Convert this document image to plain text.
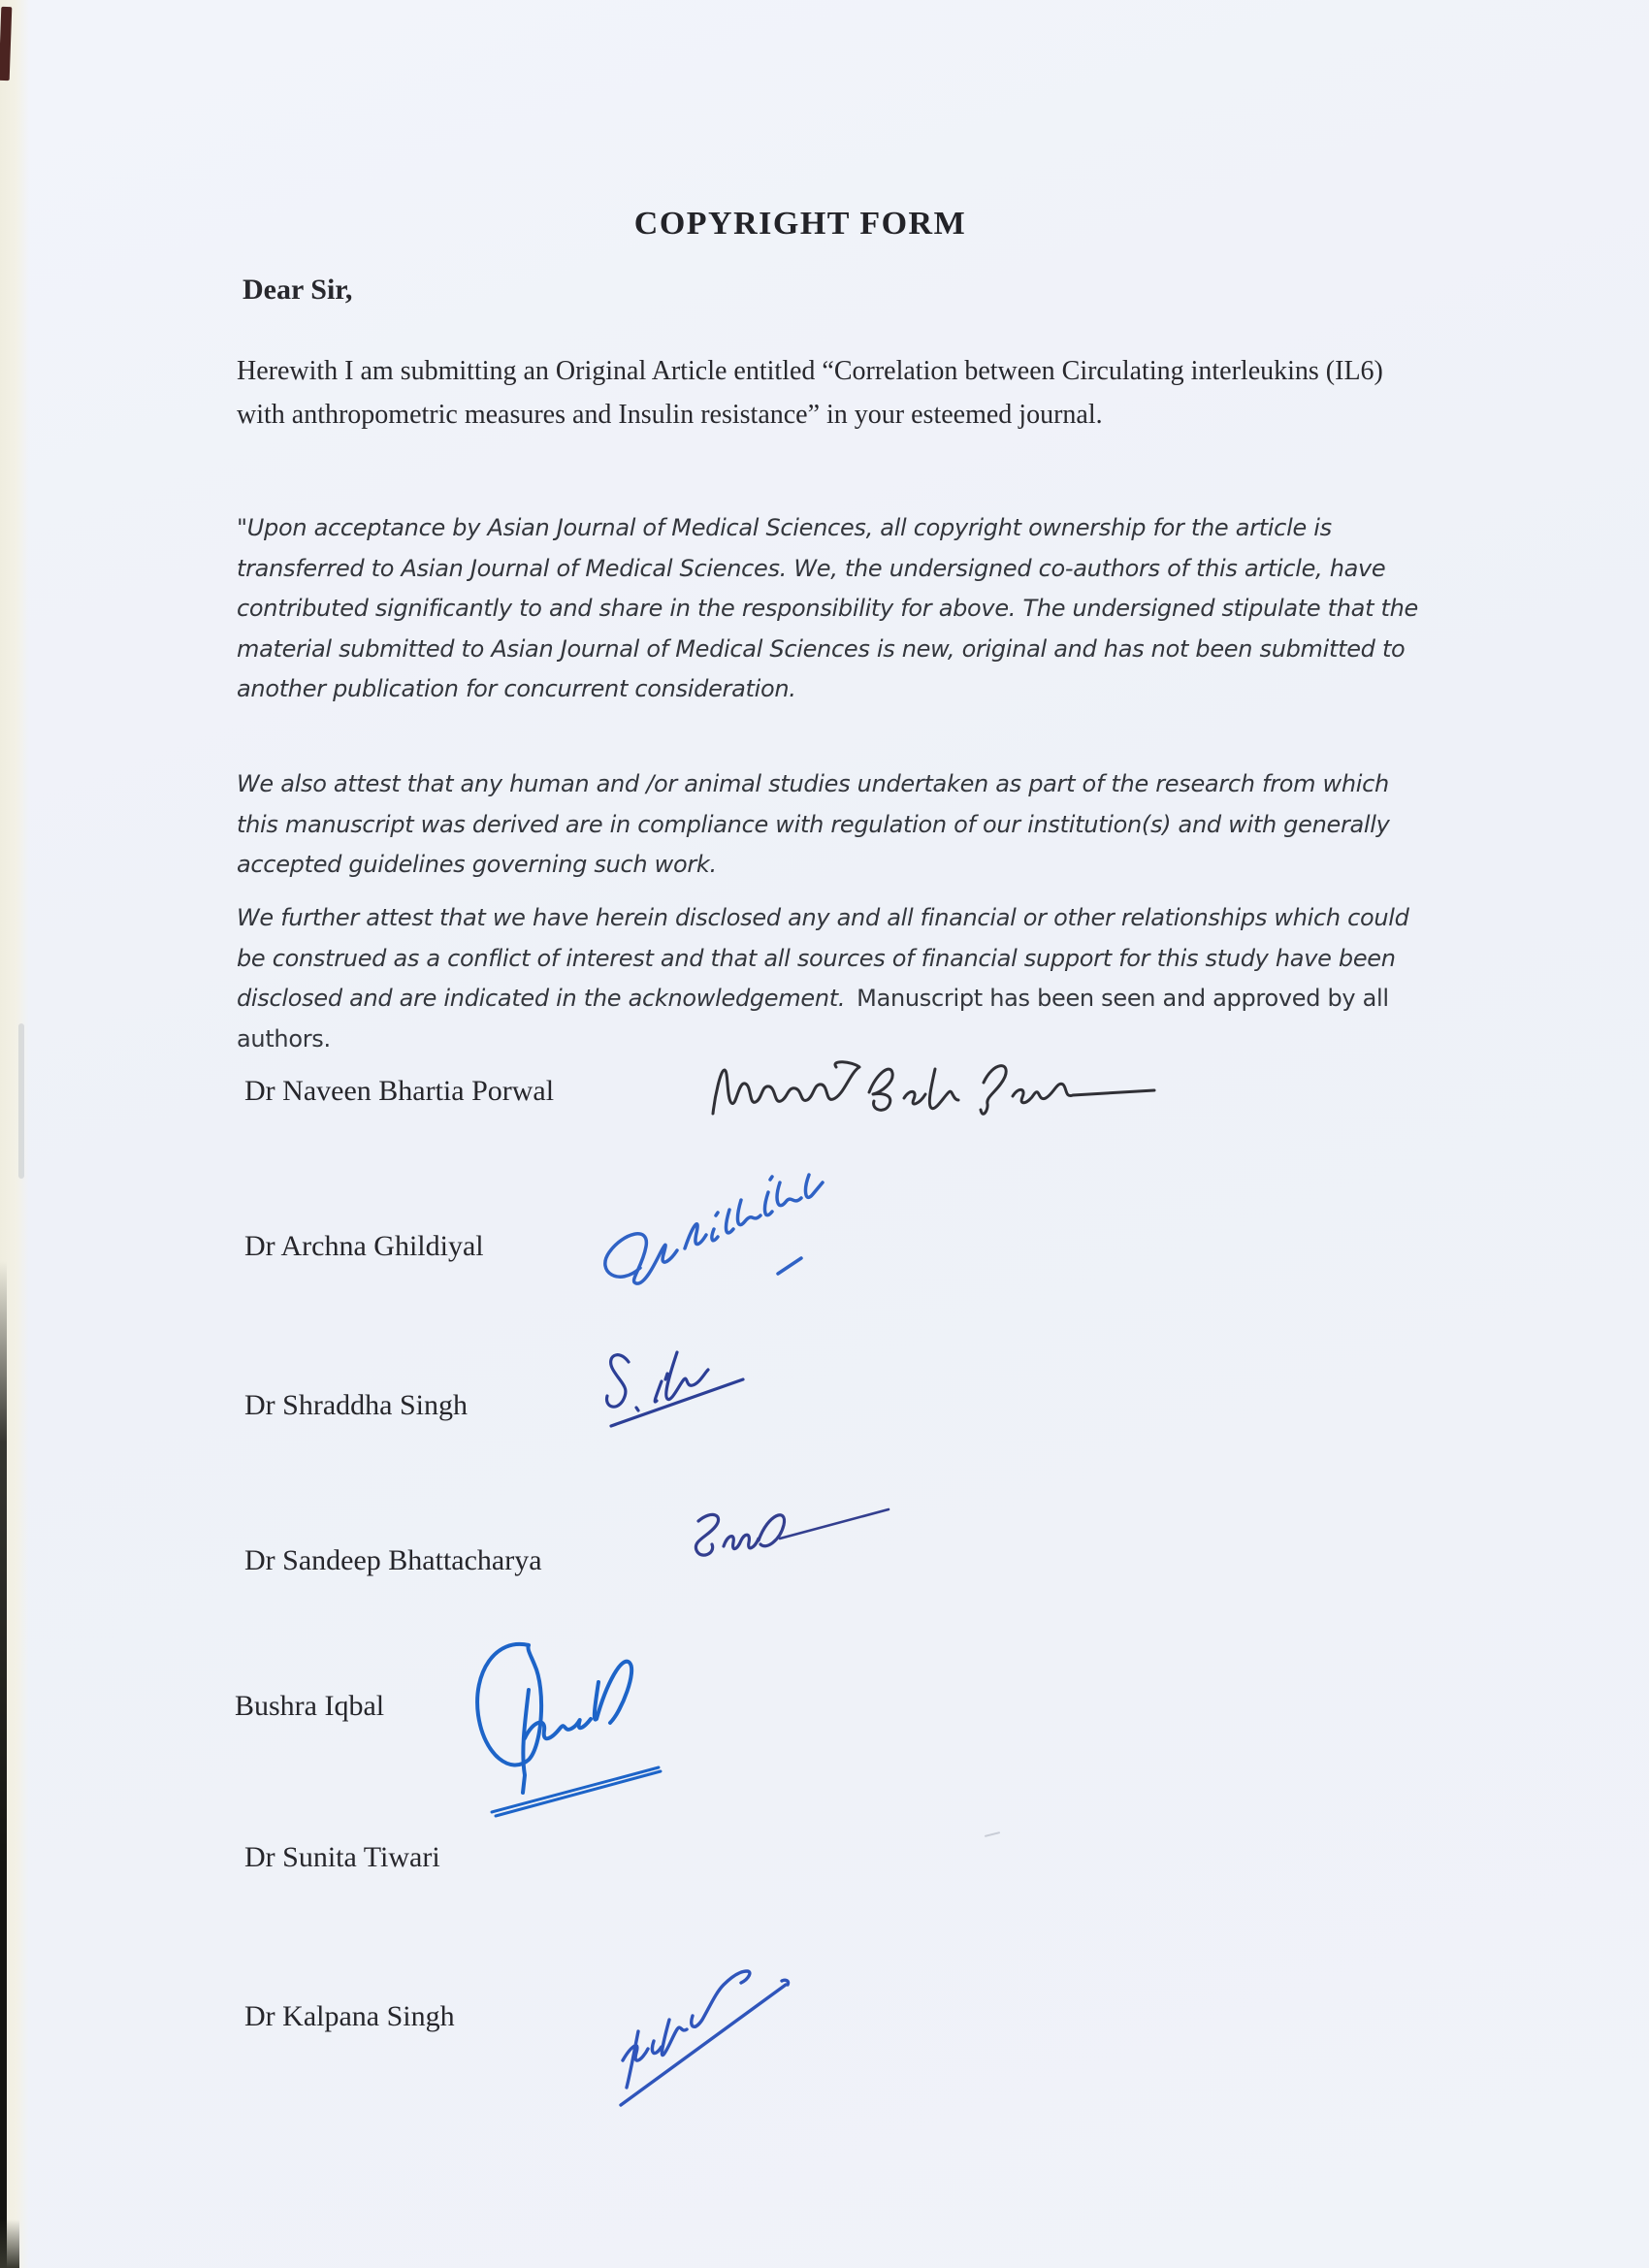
COPYRIGHT FORM

Dear Sir,

Herewith I am submitting an Original Article entitled “Correlation between Circulating interleukins (IL6) with anthropometric measures and Insulin resistance” in your esteemed journal.

"Upon acceptance by Asian Journal of Medical Sciences, all copyright ownership for the article is transferred to Asian Journal of Medical Sciences. We, the undersigned co-authors of this article, have contributed significantly to and share in the responsibility for above. The undersigned stipulate that the material submitted to Asian Journal of Medical Sciences is new, original and has not been submitted to another publication for concurrent consideration.

We also attest that any human and /or animal studies undertaken as part of the research from which this manuscript was derived are in compliance with regulation of our institution(s) and with generally accepted guidelines governing such work.

We further attest that we have herein disclosed any and all financial or other relationships which could be construed as a conflict of interest and that all sources of financial support for this study have been disclosed and are indicated in the acknowledgement. Manuscript has been seen and approved by all authors.

Dr Naveen Bhartia Porwal
Dr Archna Ghildiyal
Dr Shraddha Singh
Dr Sandeep Bhattacharya
Bushra Iqbal
Dr Sunita Tiwari
Dr Kalpana Singh
